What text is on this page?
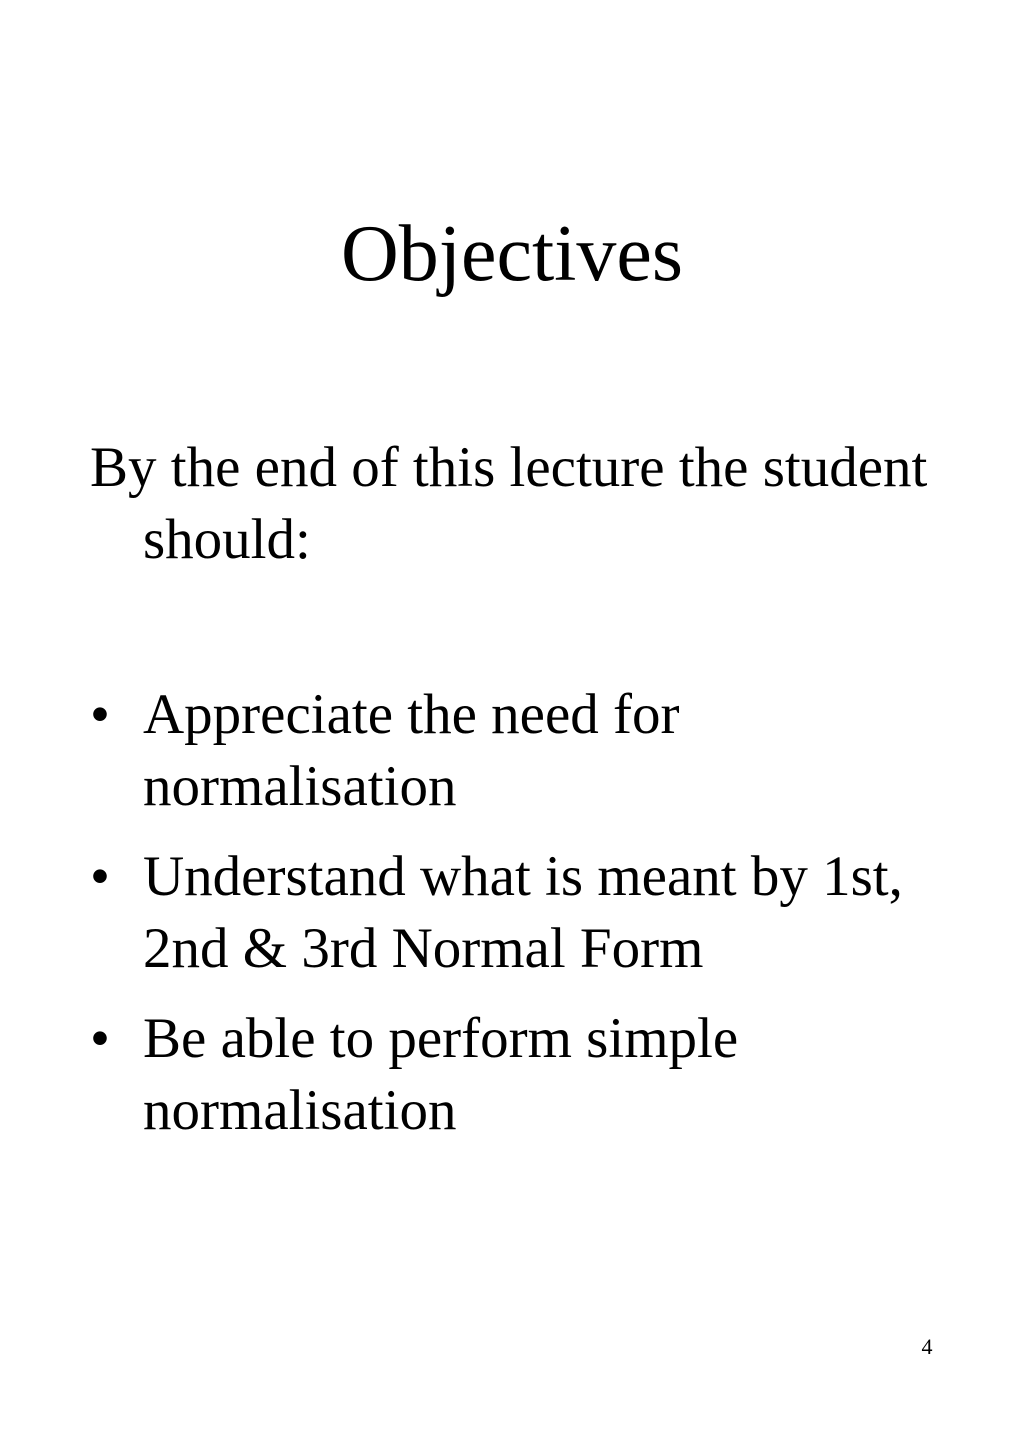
Objectives

By the end of this lecture the student should:

• Appreciate the need for normalisation
• Understand what is meant by 1st, 2nd & 3rd Normal Form
• Be able to perform simple normalisation
4
